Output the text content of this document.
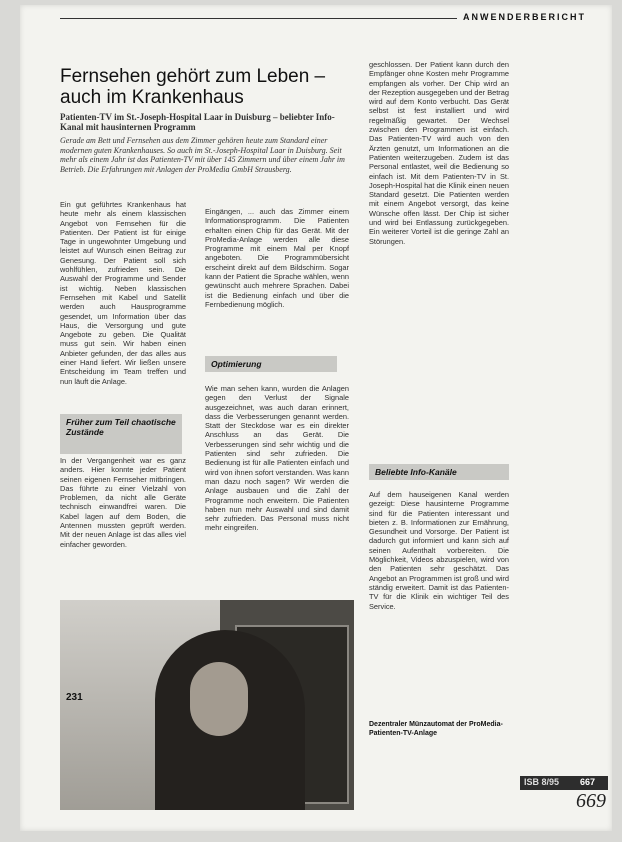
ANWENDERBERICHT
Fernsehen gehört zum Leben –
auch im Krankenhaus
Patienten-TV im St.-Joseph-Hospital Laar in Duisburg – beliebter Info-Kanal mit hausinternen Programm
Gerade am Bett und Fernsehen aus dem Zimmer gehören heute zum Standard einer modernen guten Krankenhauses. So auch im St.-Joseph-Hospital Laar in Duisburg. Seit mehr als einem Jahr ist das Patienten-TV mit über 145 Zimmern und über einem Jahr im Betrieb. Die Erfahrungen mit Anlagen der ProMedia GmbH Strausberg.
Ein gut geführtes Krankenhaus hat heute mehr als einem klassischen Angebot von Fernsehen für die Patienten. Der Patient ist für einige Tage in ungewohnter Umgebung und leistet auf Wunsch einen Beitrag zur Genesung. Der Patient soll sich wohlfühlen, zufrieden sein. Die Auswahl der Programme und Sender ist wichtig. Neben klassischen Fernsehen mit Kabel und Satellit werden auch Hausprogramme gesendet, um Information über das Haus, die Versorgung und gute Angebote zu geben. Die Qualität muss gut sein. Wir haben einen Anbieter gefunden, der das alles aus einer Hand liefert. Wir ließen unsere Entscheidung im Team treffen und nun läuft die Anlage.
Früher zum Teil chaotische Zustände
In der Vergangenheit war es ganz anders. Hier konnte jeder Patient seinen eigenen Fernseher mitbringen. Das führte zu einer Vielzahl von Problemen, da nicht alle Geräte technisch einwandfrei waren. Die Kabel lagen auf dem Boden, die Antennen mussten geprüft werden. Mit der neuen Anlage ist das alles viel einfacher geworden.
Eingängen, ... auch das Zimmer einem Informationsprogramm. Die Patienten erhalten einen Chip für das Gerät. Mit der ProMedia-Anlage werden alle diese Programme mit einem Mal per Knopf angeboten. Die Programmübersicht erscheint direkt auf dem Bildschirm. Sogar kann der Patient die Sprache wählen, wenn gewünscht auch mehrere Sprachen. Dabei ist die Bedienung einfach und über die Fernbedienung möglich.
Optimierung
Wie man sehen kann, wurden die Anlagen gegen den Verlust der Signale ausgezeichnet, was auch daran erinnert, dass die Verbesserungen genannt werden. Statt der Steckdose war es ein direkter Anschluss an das Gerät. Die Verbesserungen sind sehr wichtig und die Patienten sind sehr zufrieden. Die Bedienung ist für alle Patienten einfach und wird von ihnen sofort verstanden. Was kann man dazu noch sagen? Wir werden die Anlage ausbauen und die Zahl der Programme noch erweitern. Die Patienten haben nun mehr Auswahl und sind damit sehr zufrieden. Das Personal muss nicht mehr eingreifen.
geschlossen. Der Patient kann durch den Empfänger ohne Kosten mehr Programme empfangen als vorher. Der Chip wird an der Rezeption ausgegeben und der Betrag wird auf dem Konto verbucht. Das Gerät selbst ist fest installiert und wird regelmäßig gewartet. Der Wechsel zwischen den Programmen ist einfach. Das Patienten-TV wird auch von den Ärzten genutzt, um Informationen an die Patienten weiterzugeben. Zudem ist das Personal entlastet, weil die Bedienung so einfach ist. Mit dem Patienten-TV in St. Joseph-Hospital hat die Klinik einen neuen Standard gesetzt. Die Patienten werden mit einem Angebot versorgt, das keine Wünsche offen lässt. Der Chip ist sicher und wird bei Entlassung zurückgegeben. Ein weiterer Vorteil ist die geringe Zahl an Störungen.
Beliebte Info-Kanäle
Auf dem hauseigenen Kanal werden gezeigt: Diese hausinterne Programme sind für die Patienten interessant und bieten z. B. Informationen zur Ernährung, Gesundheit und Vorsorge. Der Patient ist dadurch gut informiert und kann sich auf seinen Aufenthalt vorbereiten. Die Möglichkeit, Videos abzuspielen, wird von den Patienten sehr geschätzt. Das Angebot an Programmen ist groß und wird ständig erweitert. Damit ist das Patienten-TV für die Klinik ein wichtiger Teil des Service.
231
Dezentraler Münzautomat der ProMedia-Patienten-TV-Anlage
ISB 8/95 667
669
